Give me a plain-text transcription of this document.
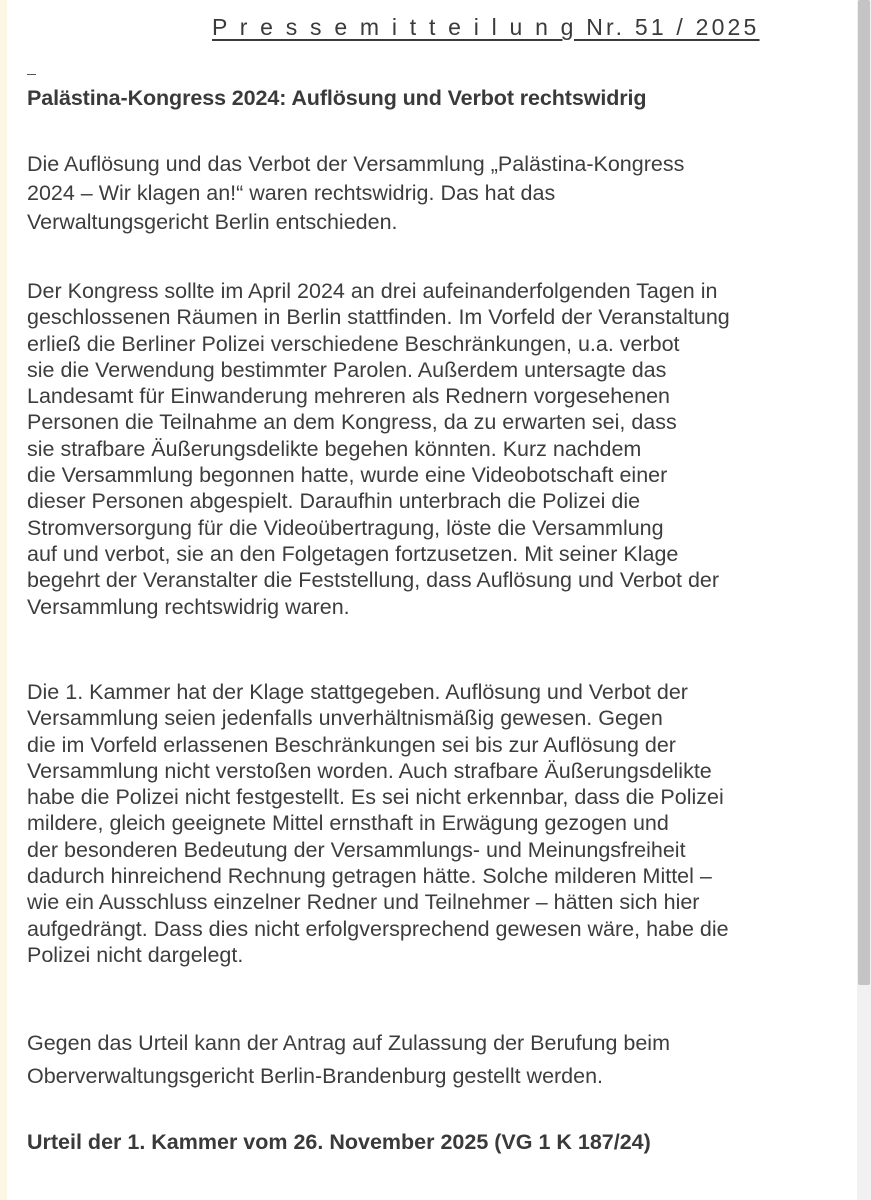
P r e s s e m i t t e i l u n g Nr. 51 / 2025
Palästina-Kongress 2024: Auflösung und Verbot rechtswidrig

Die Auflösung und das Verbot der Versammlung „Palästina-Kongress
2024 – Wir klagen an!“ waren rechtswidrig. Das hat das
Verwaltungsgericht Berlin entschieden.

Der Kongress sollte im April 2024 an drei aufeinanderfolgenden Tagen in
geschlossenen Räumen in Berlin stattfinden. Im Vorfeld der Veranstaltung
erließ die Berliner Polizei verschiedene Beschränkungen, u.a. verbot
sie die Verwendung bestimmter Parolen. Außerdem untersagte das
Landesamt für Einwanderung mehreren als Rednern vorgesehenen
Personen die Teilnahme an dem Kongress, da zu erwarten sei, dass
sie strafbare Äußerungsdelikte begehen könnten. Kurz nachdem
die Versammlung begonnen hatte, wurde eine Videobotschaft einer
dieser Personen abgespielt. Daraufhin unterbrach die Polizei die
Stromversorgung für die Videoübertragung, löste die Versammlung
auf und verbot, sie an den Folgetagen fortzusetzen. Mit seiner Klage
begehrt der Veranstalter die Feststellung, dass Auflösung und Verbot der
Versammlung rechtswidrig waren.

Die 1. Kammer hat der Klage stattgegeben. Auflösung und Verbot der
Versammlung seien jedenfalls unverhältnismäßig gewesen. Gegen
die im Vorfeld erlassenen Beschränkungen sei bis zur Auflösung der
Versammlung nicht verstoßen worden. Auch strafbare Äußerungsdelikte
habe die Polizei nicht festgestellt. Es sei nicht erkennbar, dass die Polizei
mildere, gleich geeignete Mittel ernsthaft in Erwägung gezogen und
der besonderen Bedeutung der Versammlungs- und Meinungsfreiheit
dadurch hinreichend Rechnung getragen hätte. Solche milderen Mittel –
wie ein Ausschluss einzelner Redner und Teilnehmer – hätten sich hier
aufgedrängt. Dass dies nicht erfolgversprechend gewesen wäre, habe die
Polizei nicht dargelegt.

Gegen das Urteil kann der Antrag auf Zulassung der Berufung beim
Oberverwaltungsgericht Berlin-Brandenburg gestellt werden.

Urteil der 1. Kammer vom 26. November 2025 (VG 1 K 187/24)
